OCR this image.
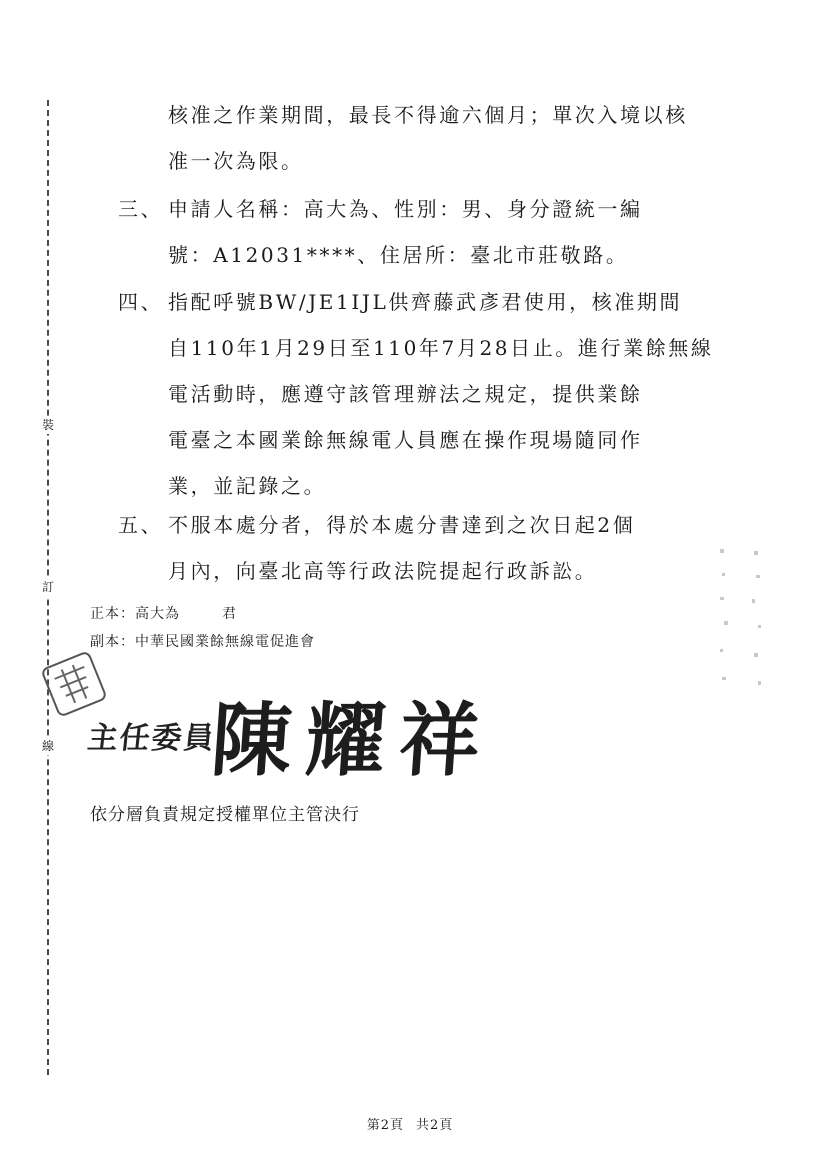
裝
訂
線
核准之作業期間，最長不得逾六個月；單次入境以核
准一次為限。
三、 申請人名稱：高大為、性別：男、身分證統一編
號：A12031****、住居所：臺北市莊敬路。
四、 指配呼號BW/JE1IJL供齊藤武彥君使用，核准期間
自110年1月29日至110年7月28日止。進行業餘無線
電活動時，應遵守該管理辦法之規定，提供業餘
電臺之本國業餘無線電人員應在操作現場隨同作
業，並記錄之。
五、 不服本處分者，得於本處分書達到之次日起2個
月內，向臺北高等行政法院提起行政訴訟。
正本：高大為	君
副本：中華民國業餘無線電促進會
主任委員
陳耀祥
依分層負責規定授權單位主管決行
第2頁 共2頁
